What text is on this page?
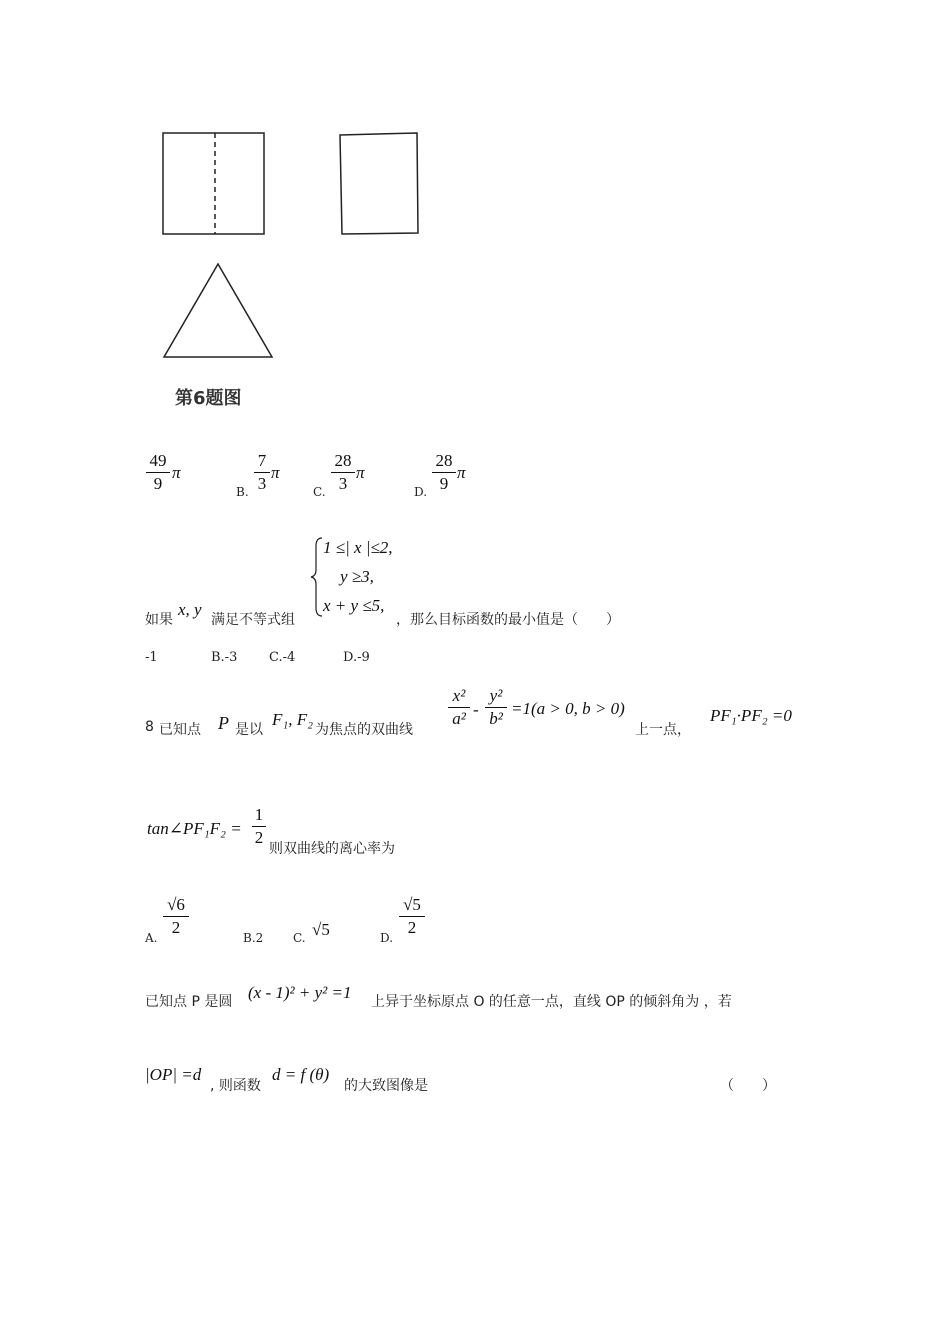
第6题图
49
9
π
B.
7
3
π
C.
28
3
π
D.
28
9
π
如果
x, y
满足不等式组
1 ≤| x |≤2,
y ≥3,
x + y ≤5,
，那么目标函数的最小值是（　　）
-1	B.-3 C.-4	D.-9
8 已知点 P 是以
F₁, F₂
为焦点的双曲线
x²
a² -
y²
b²
=1(a > 0, b > 0)
上一点，
PF₁·PF₂ =0
tan∠PF₁F₂ =
1
2
则双曲线的离心率为
A.
√6
2
B.2 C. √5	D.
√5
2
已知点 P 是圆 (x - 1)² + y² =1 上异于坐标原点 O 的任意一点，直线 OP 的倾斜角为 ，若
|OP| =d
, 则函数
d = f (θ)
的大致图像是	（　　）
